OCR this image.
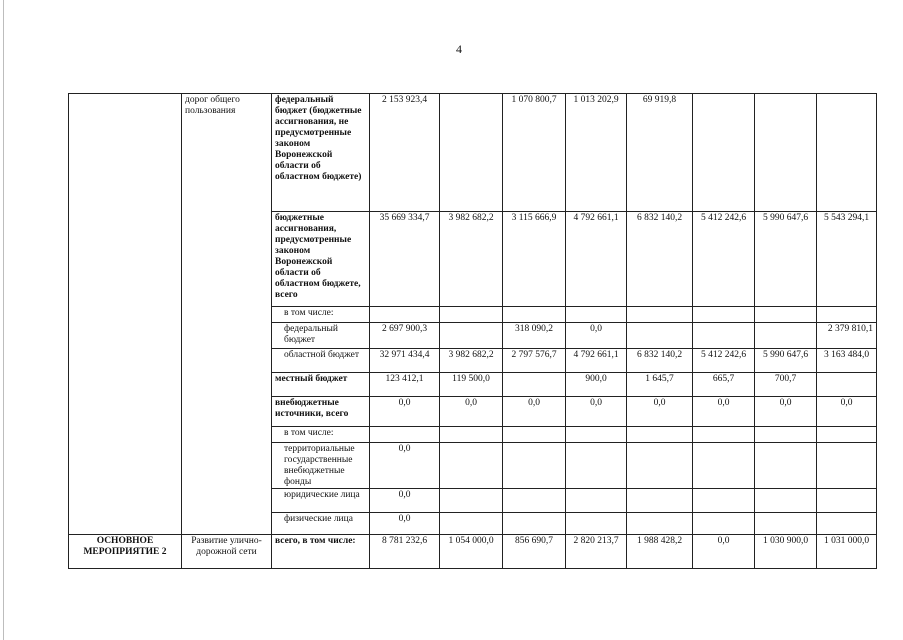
4
	дорог общего пользования	федеральный бюджет (бюджетные ассигнования, не предусмотренные законом Воронежской области об областном бюджете)	2 153 923,4		1 070 800,7	1 013 202,9	69 919,8			
		бюджетные ассигнования, предусмотренные законом Воронежской области об областном бюджете, всего	35 669 334,7	3 982 682,2	3 115 666,9	4 792 661,1	6 832 140,2	5 412 242,6	5 990 647,6	5 543 294,1
		в том числе:								
		федеральный бюджет	2 697 900,3		318 090,2	0,0				2 379 810,1
		областной бюджет	32 971 434,4	3 982 682,2	2 797 576,7	4 792 661,1	6 832 140,2	5 412 242,6	5 990 647,6	3 163 484,0
		местный бюджет	123 412,1	119 500,0		900,0	1 645,7	665,7	700,7	
		внебюджетные источники, всего	0,0	0,0	0,0	0,0	0,0	0,0	0,0	0,0
		в том числе:								
		территориальные государственные внебюджетные фонды	0,0							
		юридические лица	0,0							
		физические лица	0,0							
ОСНОВНОЕ МЕРОПРИЯТИЕ 2	Развитие улично-дорожной сети	всего, в том числе:	8 781 232,6	1 054 000,0	856 690,7	2 820 213,7	1 988 428,2	0,0	1 030 900,0	1 031 000,0
